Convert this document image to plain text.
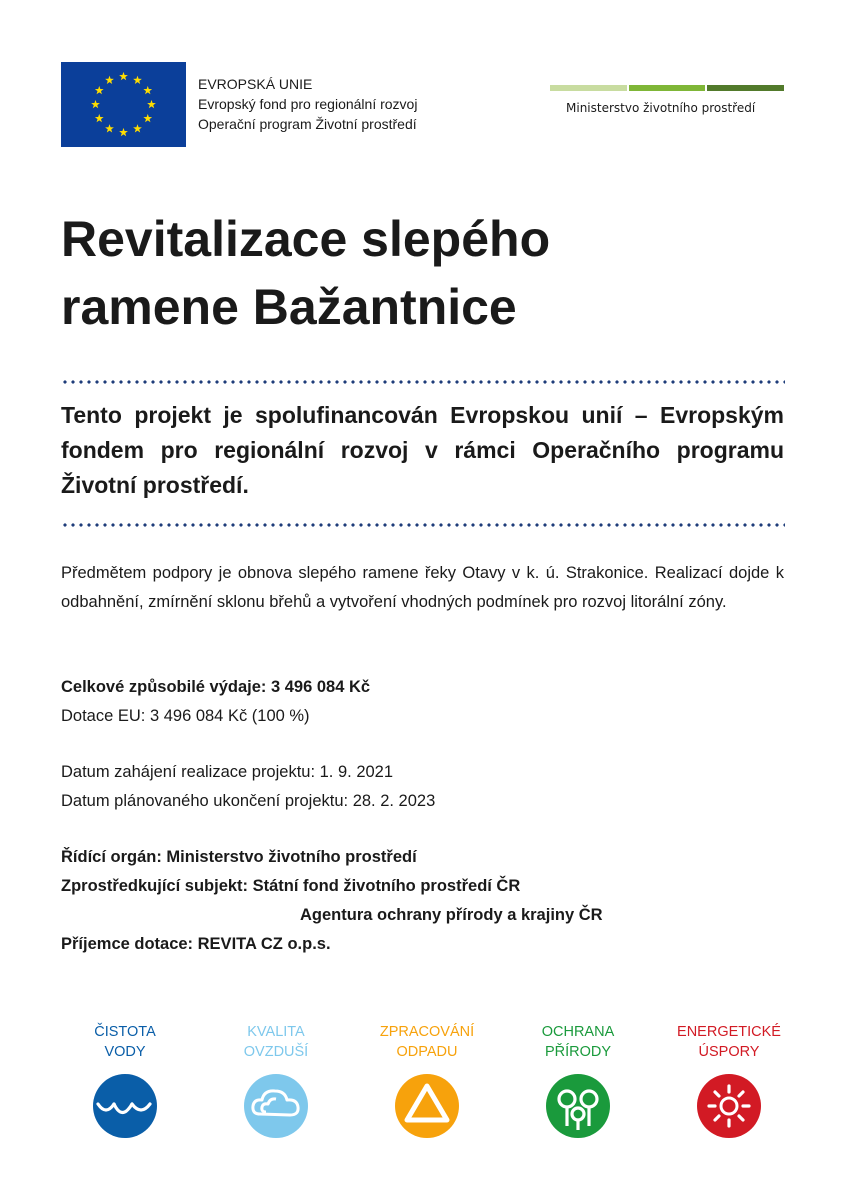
EVROPSKÁ UNIE
Evropský fond pro regionální rozvoj
Operační program Životní prostředí
Ministerstvo životního prostředí
Revitalizace slepého
ramene Bažantnice

Tento projekt je spolufinancován Evropskou unií – Evropským fondem pro regionální rozvoj v rámci Operačního programu Životní prostředí.

Předmětem podpory je obnova slepého ramene řeky Otavy v k. ú. Strakonice. Realizací dojde k odbahnění, zmírnění sklonu břehů a vytvoření vhodných podmínek pro rozvoj litorální zóny.

Celkové způsobilé výdaje: 3 496 084 Kč
Dotace EU: 3 496 084 Kč (100 %)
Datum zahájení realizace projektu: 1. 9. 2021
Datum plánovaného ukončení projektu: 28. 2. 2023
Řídící orgán: Ministerstvo životního prostředí
Zprostředkující subjekt: Státní fond životního prostředí ČR
Agentura ochrany přírody a krajiny ČR
Příjemce dotace: REVITA CZ o.p.s.
ČISTOTA
VODY
KVALITA
OVZDUŠÍ
ZPRACOVÁNÍ
ODPADU
OCHRANA
PŘÍRODY
ENERGETICKÉ
ÚSPORY
